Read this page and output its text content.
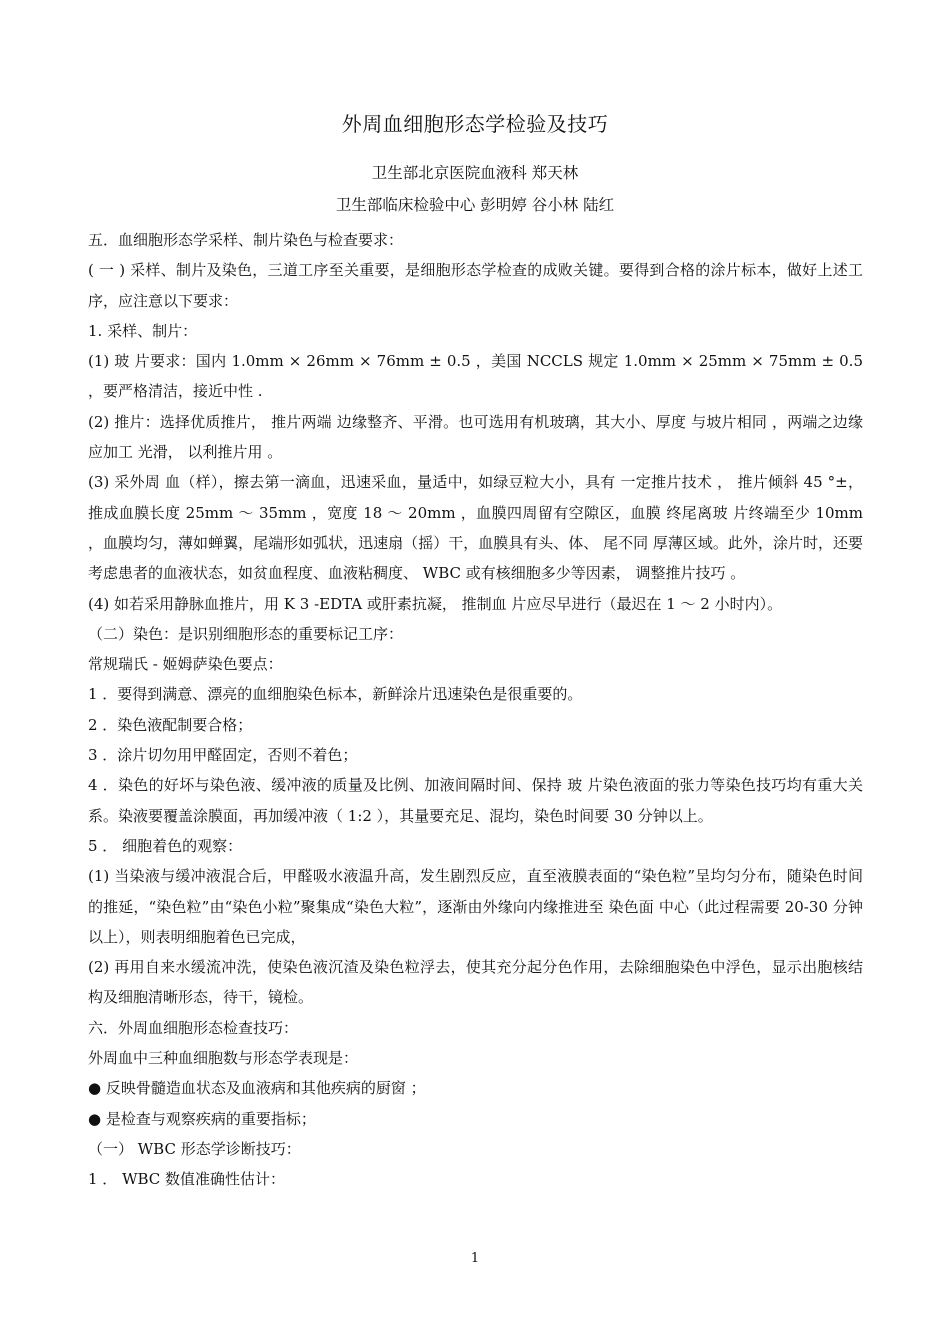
外周血细胞形态学检验及技巧
卫生部北京医院血液科 郑天林
卫生部临床检验中心 彭明婷 谷小林 陆红

五．血细胞形态学采样、制片染色与检查要求：

( 一 ) 采样、制片及染色，三道工序至关重要，是细胞形态学检查的成败关键。要得到合格的涂片标本，做好上述工序，应注意以下要求：

1. 采样、制片：

(1) 玻 片要求：国内 1.0mm × 26mm × 76mm ± 0.5 ，美国 NCCLS 规定 1.0mm × 25mm × 75mm ± 0.5 ，要严格清洁，接近中性 .

(2) 推片：选择优质推片， 推片两端 边缘整齐、平滑。也可选用有机玻璃，其大小、厚度 与坡片相同 ，两端之边缘 应加工 光滑， 以利推片用 。

(3) 采外周 血（样），擦去第一滴血，迅速采血，量适中，如绿豆粒大小，具有 一定推片技术 ， 推片倾斜 45 °±，推成血膜长度 25mm ～ 35mm ，宽度 18 ～ 20mm ，血膜四周留有空隙区，血膜 终尾离玻 片终端至少 10mm ，血膜均匀，薄如蝉翼，尾端形如弧状，迅速扇（摇）干，血膜具有头、体、 尾不同 厚薄区域。此外，涂片时，还要考虑患者的血液状态，如贫血程度、血液粘稠度、 WBC 或有核细胞多少等因素， 调整推片技巧 。

(4) 如若采用静脉血推片，用 K 3 -EDTA 或肝素抗凝， 推制血 片应尽早进行（最迟在 1 ～ 2 小时内）。

（二）染色：是识别细胞形态的重要标记工序：

常规瑞氏 - 姬姆萨染色要点：

1 ．要得到满意、漂亮的血细胞染色标本，新鲜涂片迅速染色是很重要的。

2 ．染色液配制要合格；

3 ．涂片切勿用甲醛固定，否则不着色；

4 ．染色的好坏与染色液、缓冲液的质量及比例、加液间隔时间、保持 玻 片染色液面的张力等染色技巧均有重大关系。染液要覆盖涂膜面，再加缓冲液（ 1:2 ），其量要充足、混均，染色时间要 30 分钟以上。

5 ． 细胞着色的观察：

(1) 当染液与缓冲液混合后，甲醛吸水液温升高，发生剧烈反应，直至液膜表面的“染色粒”呈均匀分布，随染色时间的推延，“染色粒”由“染色小粒”聚集成“染色大粒”，逐渐由外缘向内缘推进至 染色面 中心（此过程需要 20-30 分钟以上），则表明细胞着色已完成，

(2) 再用自来水缓流冲洗，使染色液沉渣及染色粒浮去，使其充分起分色作用，去除细胞染色中浮色，显示出胞核结构及细胞清晰形态，待干，镜检。

六．外周血细胞形态检查技巧：

外周血中三种血细胞数与形态学表现是：

● 反映骨髓造血状态及血液病和其他疾病的厨窗 ；

● 是检查与观察疾病的重要指标；

（一） WBC 形态学诊断技巧：

1 ． WBC 数值准确性估计：

1
